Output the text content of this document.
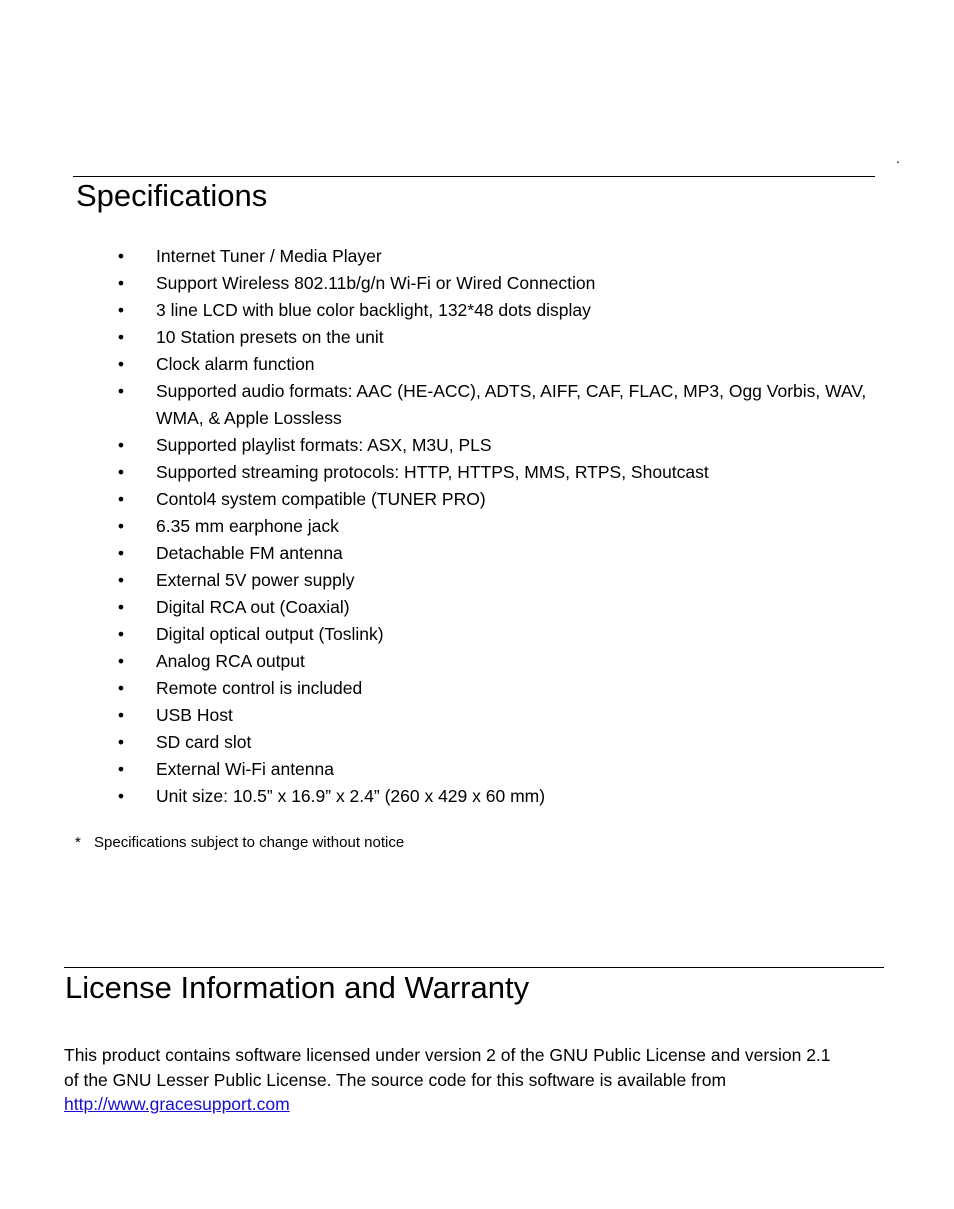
.
Specifications
• Internet Tuner / Media Player
• Support Wireless 802.11b/g/n Wi-Fi or Wired Connection
• 3 line LCD with blue color backlight, 132*48 dots display
• 10 Station presets on the unit
• Clock alarm function
• Supported audio formats: AAC (HE-ACC), ADTS, AIFF, CAF, FLAC, MP3, Ogg Vorbis, WAV, WMA, & Apple Lossless
• Supported playlist formats: ASX, M3U, PLS
• Supported streaming protocols: HTTP, HTTPS, MMS, RTPS, Shoutcast
• Contol4 system compatible (TUNER PRO)
• 6.35 mm earphone jack
• Detachable FM antenna
• External 5V power supply
• Digital RCA out (Coaxial)
• Digital optical output (Toslink)
• Analog RCA output
• Remote control is included
• USB Host
• SD card slot
• External Wi-Fi antenna
• Unit size: 10.5” x 16.9” x 2.4” (260 x 429 x 60 mm)
* Specifications subject to change without notice
License Information and Warranty

This product contains software licensed under version 2 of the GNU Public License and version 2.1 of the GNU Lesser Public License. The source code for this software is available from
http://www.gracesupport.com
